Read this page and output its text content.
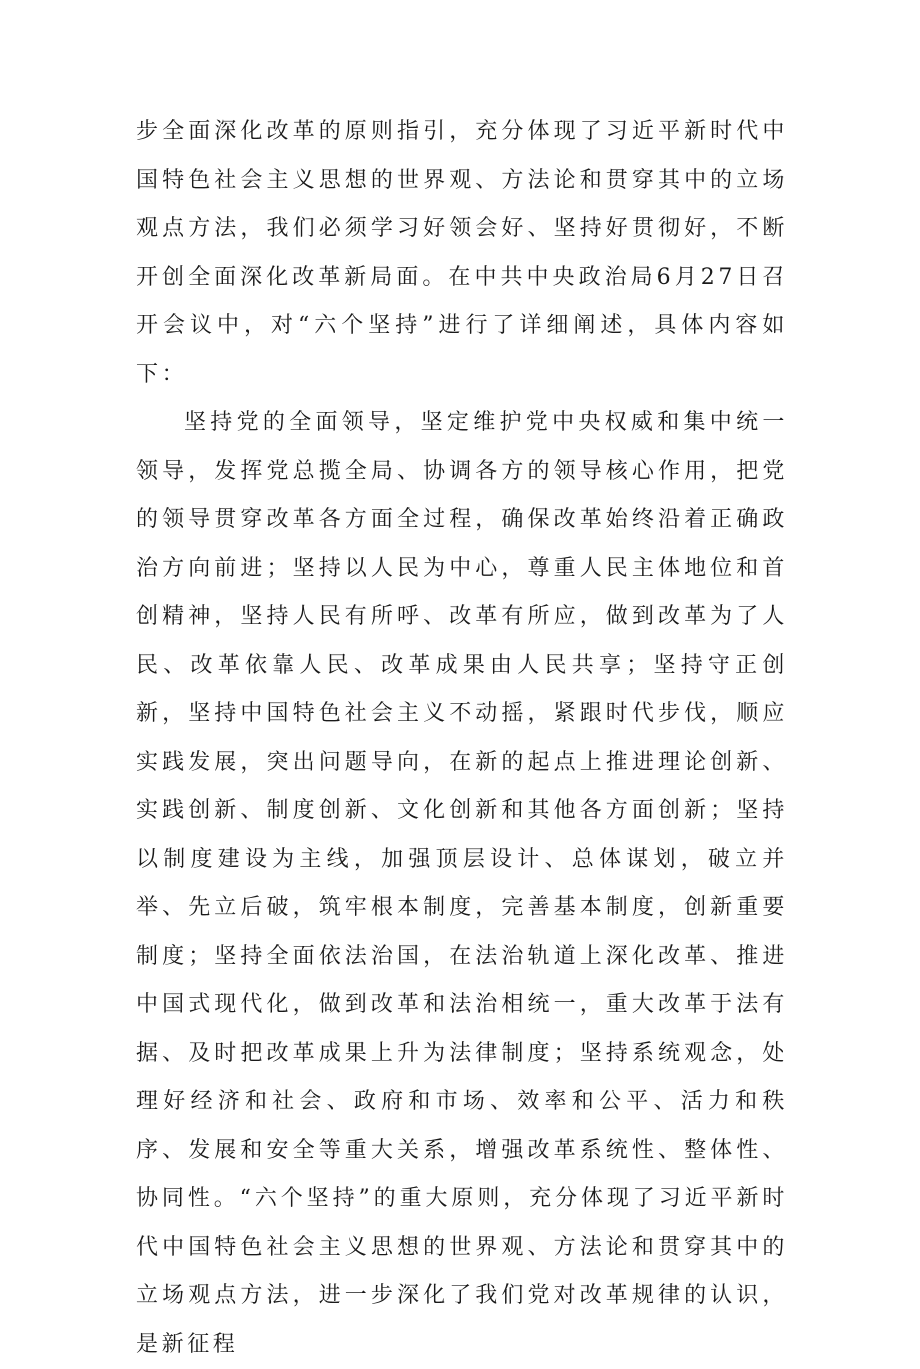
步全面深化改革的原则指引，充分体现了习近平新时代中国特色社会主义思想的世界观、方法论和贯穿其中的立场观点方法，我们必须学习好领会好、坚持好贯彻好，不断开创全面深化改革新局面。在中共中央政治局6月27日召开会议中，对“六个坚持”进行了详细阐述，具体内容如下：

坚持党的全面领导，坚定维护党中央权威和集中统一领导，发挥党总揽全局、协调各方的领导核心作用，把党的领导贯穿改革各方面全过程，确保改革始终沿着正确政治方向前进；坚持以人民为中心，尊重人民主体地位和首创精神，坚持人民有所呼、改革有所应，做到改革为了人民、改革依靠人民、改革成果由人民共享；坚持守正创新，坚持中国特色社会主义不动摇，紧跟时代步伐，顺应实践发展，突出问题导向，在新的起点上推进理论创新、实践创新、制度创新、文化创新和其他各方面创新；坚持以制度建设为主线，加强顶层设计、总体谋划，破立并举、先立后破，筑牢根本制度，完善基本制度，创新重要制度；坚持全面依法治国，在法治轨道上深化改革、推进中国式现代化，做到改革和法治相统一，重大改革于法有据、及时把改革成果上升为法律制度；坚持系统观念，处理好经济和社会、政府和市场、效率和公平、活力和秩序、发展和安全等重大关系，增强改革系统性、整体性、协同性。“六个坚持”的重大原则，充分体现了习近平新时代中国特色社会主义思想的世界观、方法论和贯穿其中的立场观点方法，进一步深化了我们党对改革规律的认识，是新征程
